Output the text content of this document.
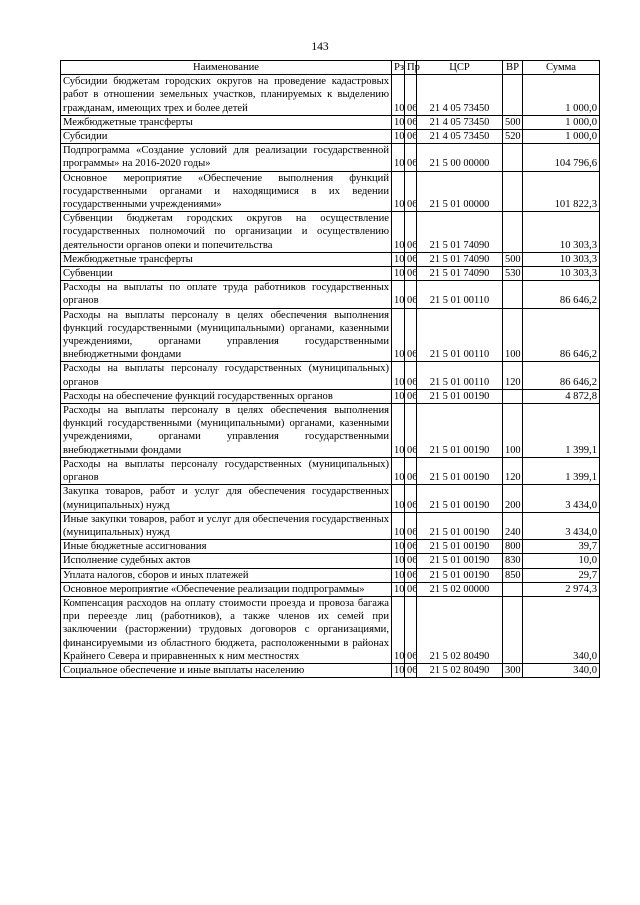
143
Наименование	Рз	Пр	ЦСР	ВР	Сумма
Субсидии бюджетам городских округов на проведение кадастровых работ в отношении земельных участков, планируемых к выделению гражданам, имеющих трех и более детей	10	06	21 4 05 73450		1 000,0
Межбюджетные трансферты	10	06	21 4 05 73450	500	1 000,0
Субсидии	10	06	21 4 05 73450	520	1 000,0
Подпрограмма «Создание условий для реализации государственной программы» на 2016-2020 годы»	10	06	21 5 00 00000		104 796,6
Основное мероприятие «Обеспечение выполнения функций государственными органами и находящимися в их ведении государственными учреждениями»	10	06	21 5 01 00000		101 822,3
Субвенции бюджетам городских округов на осуществление государственных полномочий по организации и осуществлению деятельности органов опеки и попечительства	10	06	21 5 01 74090		10 303,3
Межбюджетные трансферты	10	06	21 5 01 74090	500	10 303,3
Субвенции	10	06	21 5 01 74090	530	10 303,3
Расходы на выплаты по оплате труда работников государственных органов	10	06	21 5 01 00110		86 646,2
Расходы на выплаты персоналу в целях обеспечения выполнения функций государственными (муниципальными) органами, казенными учреждениями, органами управления государственными внебюджетными фондами	10	06	21 5 01 00110	100	86 646,2
Расходы на выплаты персоналу государственных (муниципальных) органов	10	06	21 5 01 00110	120	86 646,2
Расходы на обеспечение функций государственных органов	10	06	21 5 01 00190		4 872,8
Расходы на выплаты персоналу в целях обеспечения выполнения функций государственными (муниципальными) органами, казенными учреждениями, органами управления государственными внебюджетными фондами	10	06	21 5 01 00190	100	1 399,1
Расходы на выплаты персоналу государственных (муниципальных) органов	10	06	21 5 01 00190	120	1 399,1
Закупка товаров, работ и услуг для обеспечения государственных (муниципальных) нужд	10	06	21 5 01 00190	200	3 434,0
Иные закупки товаров, работ и услуг для обеспечения государственных (муниципальных) нужд	10	06	21 5 01 00190	240	3 434,0
Иные бюджетные ассигнования	10	06	21 5 01 00190	800	39,7
Исполнение судебных актов	10	06	21 5 01 00190	830	10,0
Уплата налогов, сборов и иных платежей	10	06	21 5 01 00190	850	29,7
Основное мероприятие «Обеспечение реализации подпрограммы»	10	06	21 5 02 00000		2 974,3
Компенсация расходов на оплату стоимости проезда и провоза багажа при переезде лиц (работников), а также членов их семей при заключении (расторжении) трудовых договоров с организациями, финансируемыми из областного бюджета, расположенными в районах Крайнего Севера и приравненных к ним местностях	10	06	21 5 02 80490		340,0
Социальное обеспечение и иные выплаты населению	10	06	21 5 02 80490	300	340,0
